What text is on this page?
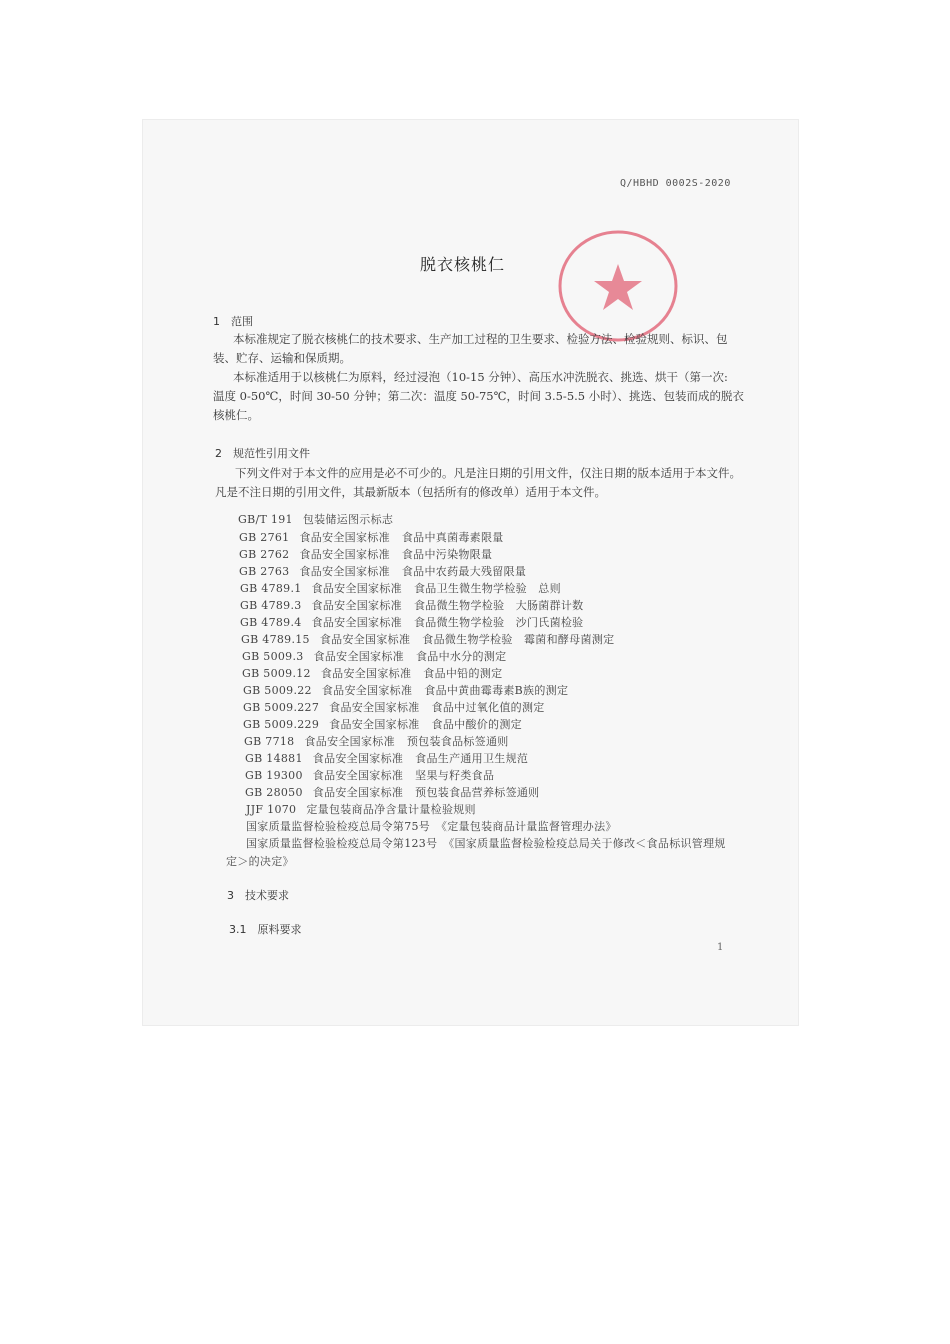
Q/HBHD 0002S-2020
脱衣核桃仁
1　范围
本标准规定了脱衣核桃仁的技术要求、生产加工过程的卫生要求、检验方法、检验规则、标识、包
装、贮存、运输和保质期。
本标准适用于以核桃仁为原料，经过浸泡（10-15 分钟）、高压水冲洗脱衣、挑选、烘干（第一次:
温度 0-50℃，时间 30-50 分钟；第二次：温度 50-75℃，时间 3.5-5.5 小时）、挑选、包装而成的脱衣
核桃仁。
2　规范性引用文件
下列文件对于本文件的应用是必不可少的。凡是注日期的引用文件，仅注日期的版本适用于本文件。
凡是不注日期的引用文件，其最新版本（包括所有的修改单）适用于本文件。
GB/T 191 包装储运图示标志
GB 2761 食品安全国家标准 食品中真菌毒素限量
GB 2762 食品安全国家标准 食品中污染物限量
GB 2763 食品安全国家标准 食品中农药最大残留限量
GB 4789.1 食品安全国家标准 食品卫生微生物学检验　总则
GB 4789.3 食品安全国家标准 食品微生物学检验　大肠菌群计数
GB 4789.4 食品安全国家标准 食品微生物学检验　沙门氏菌检验
GB 4789.15 食品安全国家标准 食品微生物学检验　霉菌和酵母菌测定
GB 5009.3 食品安全国家标准 食品中水分的测定
GB 5009.12 食品安全国家标准 食品中铅的测定
GB 5009.22 食品安全国家标准 食品中黄曲霉毒素B族的测定
GB 5009.227 食品安全国家标准 食品中过氧化值的测定
GB 5009.229 食品安全国家标准 食品中酸价的测定
GB 7718 食品安全国家标准 预包装食品标签通则
GB 14881 食品安全国家标准 食品生产通用卫生规范
GB 19300 食品安全国家标准 坚果与籽类食品
GB 28050 食品安全国家标准 预包装食品营养标签通则
JJF 1070 定量包装商品净含量计量检验规则
国家质量监督检验检疫总局令第75号　《定量包装商品计量监督管理办法》
国家质量监督检验检疫总局令第123号　《国家质量监督检验检疫总局关于修改＜食品标识管理规
定＞的决定》
3　技术要求
3.1　原料要求
1
